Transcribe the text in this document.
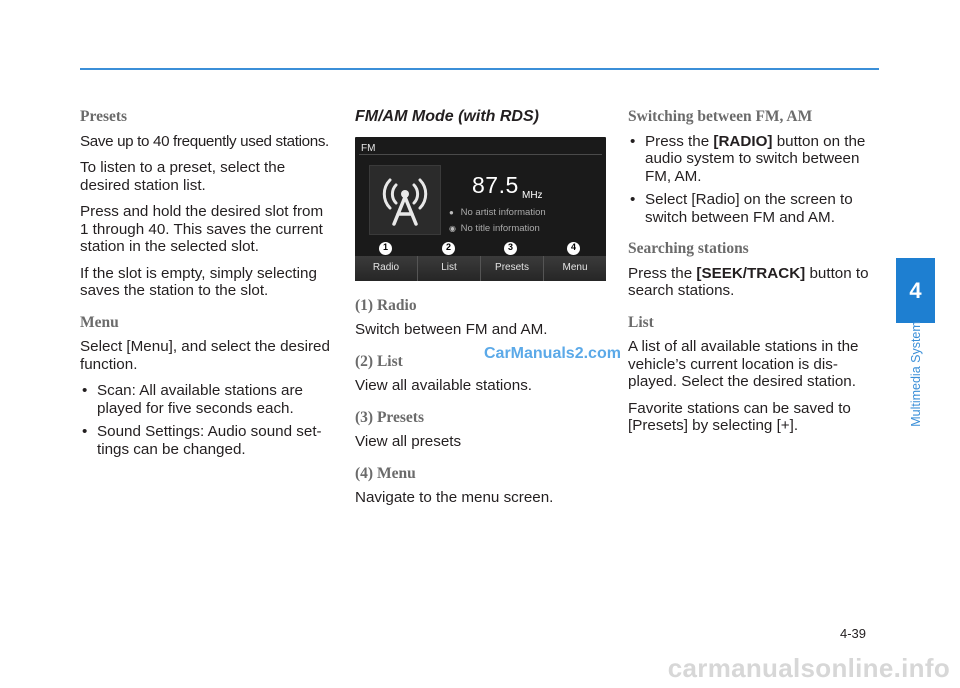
Presets

Save up to 40 frequently used stations.

To listen to a preset, select the desired station list.

Press and hold the desired slot from 1 through 40. This saves the current station in the selected slot.

If the slot is empty, simply selecting saves the station to the slot.

Menu

Select [Menu], and select the desired function.

• Scan: All available stations are played for five seconds each.
• Sound Settings: Audio sound set- tings can be changed.
FM/AM Mode (with RDS)
FM
87.5 MHz
● No artist information
◉ No title information
1	2	3	4
Radio	List	Presets	Menu
(1) Radio

Switch between FM and AM.

(2) List

View all available stations.

(3) Presets

View all presets

(4) Menu

Navigate to the menu screen.

Switching between FM, AM
• Press the [RADIO] button on the audio system to switch between FM, AM.
• Select [Radio] on the screen to switch between FM and AM.
Searching stations

Press the [SEEK/TRACK] button to search stations.

List

A list of all available stations in the vehicle’s current location is dis- played. Select the desired station.

Favorite stations can be saved to [Presets] by selecting [+].

4
Multimedia System
4-39
CarManuals2.com
carmanualsonline.info
